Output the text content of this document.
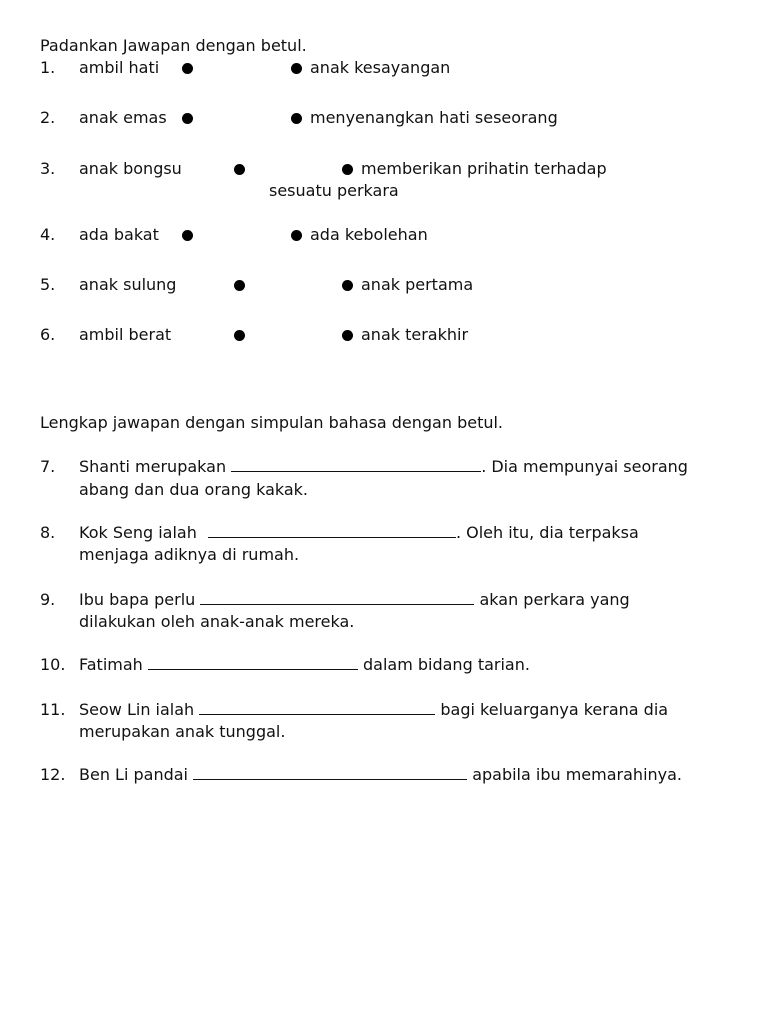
Padankan Jawapan dengan betul.
1. ambil hati	anak kesayangan
2. anak emas	menyenangkan hati seseorang
3. anak bongsu	memberikan prihatin terhadap
sesuatu perkara
4. ada bakat	ada kebolehan
5. anak sulung	anak pertama
6. ambil berat	anak terakhir
Lengkap jawapan dengan simpulan bahasa dengan betul.
7. Shanti merupakan	. Dia mempunyai seorang
abang dan dua orang kakak.
8. Kok Seng ialah	. Oleh itu, dia terpaksa
menjaga adiknya di rumah.
9. Ibu bapa perlu	akan perkara yang
dilakukan oleh anak-anak mereka.
10. Fatimah	dalam bidang tarian.
11. Seow Lin ialah	bagi keluarganya kerana dia
merupakan anak tunggal.
12. Ben Li pandai	apabila ibu memarahinya.
